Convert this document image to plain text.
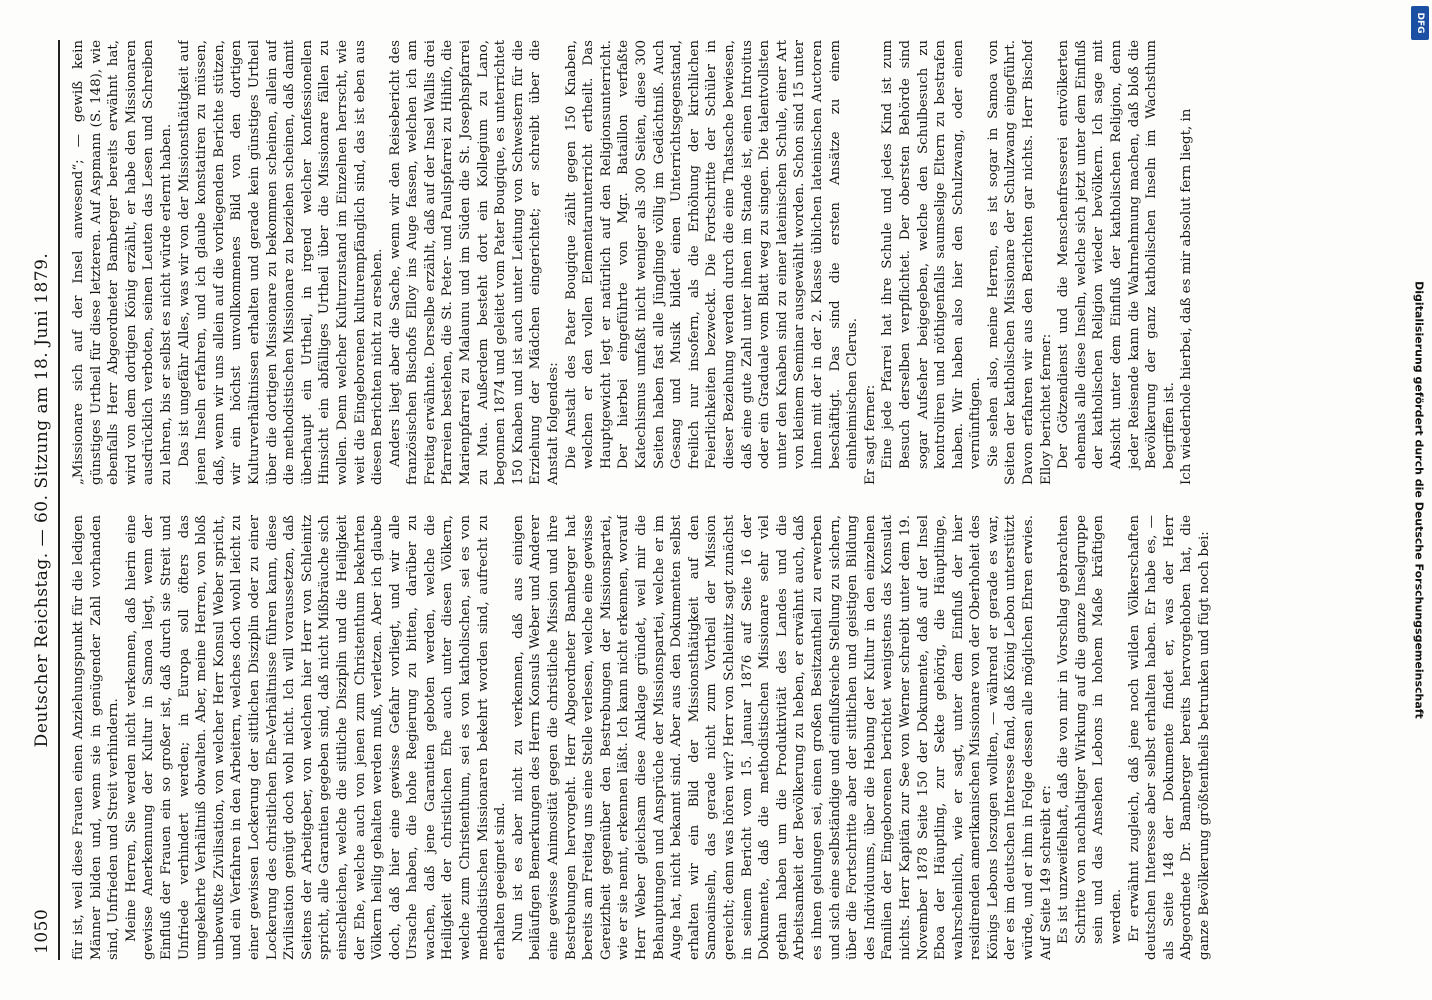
1050
Deutscher Reichstag. — 60. Sitzung am 18. Juni 1879. für ist, weil diese Frauen einen Anziehungspunkt für die ledigen Männer bilden und, wenn sie in genügender Zahl vorhanden sind, Unfrieden und Streit verhindern. Meine Herren, Sie werden nicht verkennen, daß hierin eine gewisse Anerkennung der Kultur in Samoa liegt, wenn der Einfluß der Frauen ein so großer ist, daß durch sie Streit und Unfriede verhindert werden; in Europa soll öfters das umgekehrte Verhältniß obwalten. Aber, meine Herren, von bloß unbewußte Zivilisation, von welcher Herr Konsul Weber spricht, und ein Verfahren in den Arbeitern, welches doch wohl leicht zu einer gewissen Lockerung der sittlichen Disziplin oder zu einer Lockerung des christlichen Ehe-Verhältnisse führen kann, diese Zivilisation genügt doch wohl nicht. Ich will voraussetzen, daß Seitens der Arbeitgeber, von welchen hier Herr von Schleinitz spricht, alle Garantien gegeben sind, daß nicht Mißbräuche sich einschleichen, welche die sittliche Disziplin und die Heiligkeit der Ehe, welche auch von jenen zum Christenthum bekehrten Völkern heilig gehalten werden muß, verletzen. Aber ich glaube doch, daß hier eine gewisse Gefahr vorliegt, und wir alle Ursache haben, die hohe Regierung zu bitten, darüber zu wachen, daß jene Garantien geboten werden, welche die Heiligkeit der christlichen Ehe auch unter diesen Völkern, welche zum Christenthum, sei es von katholischen, sei es von methodistischen Missionaren bekehrt worden sind, aufrecht zu erhalten geeignet sind. Nun ist es aber nicht zu verkennen, daß aus einigen beiläufigen Bemerkungen des Herrn Konsuls Weber und Anderer eine gewisse Animosität gegen die christliche Mission und ihre Bestrebungen hervorgeht. Herr Abgeordneter Bamberger hat bereits am Freitag uns eine Stelle verlesen, welche eine gewisse Gereiztheit gegenüber den Bestrebungen der Missionspartei, wie er sie nennt, erkennen läßt. Ich kann nicht erkennen, worauf Herr Weber gleichsam diese Anklage gründet, weil mir die Behauptungen und Ansprüche der Missionspartei, welche er im Auge hat, nicht bekannt sind. Aber aus den Dokumenten selbst erhalten wir ein Bild der Missionsthätigkeit auf den Samoainseln, das gerade nicht zum Vortheil der Mission gereicht; denn was hören wir? Herr von Schleinitz sagt zunächst in seinem Bericht vom 15. Januar 1876 auf Seite 16 der Dokumente, daß die methodistischen Missionare sehr viel gethan haben um die Produktivität des Landes und die Arbeitsamkeit der Bevölkerung zu heben, er erwähnt auch, daß es ihnen gelungen sei, einen großen Besitzantheil zu erwerben und sich eine selbständige und einflußreiche Stellung zu sichern, über die Fortschritte aber der sittlichen und geistigen Bildung des Individuums, über die Hebung der Kultur in den einzelnen Familien der Eingeborenen berichtet wenigstens das Konsulat nichts. Herr Kapitän zur See von Werner schreibt unter dem 19. November 1878 Seite 150 der Dokumente, daß auf der Insel Eboa der Häuptling, zur Sekte gehörig, die Häuptlinge, wahrscheinlich, wie er sagt, unter dem Einfluß der hier residirenden amerikanischen Missionare von der Oberhoheit des Königs Lebons loszugen wollten, — während er gerade es war, der es im deutschen Interesse fand, daß König Lebon unterstützt würde, und er ihm in Folge dessen alle möglichen Ehren erwies. Auf Seite 149 schreibt er: Es ist unzweifelhaft, daß die von mir in Vorschlag gebrachten Schritte von nachhaltiger Wirkung auf die ganze Inselgruppe sein und das Ansehen Lebons in hohem Maße kräftigen werden. Er erwähnt zugleich, daß jene noch wilden Völkerschaften deutschen Interesse aber selbst erhalten haben. Er habe es, — als Seite 148 der Dokumente findet er, was der Herr Abgeordnete Dr. Bamberger bereits hervorgehoben hat, die ganze Bevölkerung größtentheils betrunken und fügt noch bei:

„Missionare sich auf der Insel anwesend“; — gewiß kein günstiges Urtheil für diese letzteren. Auf Aspmann (S. 148), wie ebenfalls Herr Abgeordneter Bamberger bereits erwähnt hat, wird von dem dortigen König erzählt, er habe den Missionaren ausdrücklich verboten, seinen Leuten das Lesen und Schreiben zu lehren, bis er selbst es nicht würde erlernt haben. Das ist ungefähr Alles, was wir von der Missionsthätigkeit auf jenen Inseln erfahren, und ich glaube konstatiren zu müssen, daß, wenn wir uns allein auf die vorliegenden Berichte stützen, wir ein höchst unvollkommenes Bild von den dortigen Kulturverhältnissen erhalten und gerade kein günstiges Urtheil über die dortigen Missionare zu bekommen scheinen, allein auf die methodistischen Missionare zu beziehen scheinen, daß damit überhaupt ein Urtheil, in irgend welcher konfessionellen Hinsicht ein abfälliges Urtheil über die Missionare fällen zu wollen. Denn welcher Kulturzustand im Einzelnen herrscht, wie weit die Eingeborenen kulturempfänglich sind, das ist eben aus diesen Berichten nicht zu ersehen. Anders liegt aber die Sache, wenn wir den Reisebericht des französischen Bischofs Elloy ins Auge fassen, welchen ich am Freitag erwähnte. Derselbe erzählt, daß auf der Insel Wallis drei Pfarreien bestehen, die St. Peter- und Paulspfarrei zu Hihifo, die Marienpfarrei zu Malaunu und im Süden die St. Josephspfarrei zu Mua. Außerdem besteht dort ein Kollegium zu Lano, begonnen 1874 und geleitet vom Pater Bougique, es unterrichtet 150 Knaben und ist auch unter Leitung von Schwestern für die Erziehung der Mädchen eingerichtet; er schreibt über die Anstalt folgendes: Die Anstalt des Pater Bougique zählt gegen 150 Knaben, welchen er den vollen Elementarunterricht ertheilt. Das Hauptgewicht legt er natürlich auf den Religionsunterricht. Der hierbei eingeführte von Mgr. Bataillon verfaßte Katechismus umfaßt nicht weniger als 300 Seiten, diese 300 Seiten haben fast alle Jünglinge völlig im Gedächtniß. Auch Gesang und Musik bildet einen Unterrichtsgegenstand, freilich nur insofern, als die Erhöhung der kirchlichen Feierlichkeiten bezweckt. Die Fortschritte der Schüler in dieser Beziehung werden durch die eine Thatsache bewiesen, daß eine gute Zahl unter ihnen im Stande ist, einen Introitus oder ein Graduale vom Blatt weg zu singen. Die talentvollsten unter den Knaben sind zu einer lateinischen Schule, einer Art von kleinem Seminar ausgewählt worden. Schon sind 15 unter ihnen mit der in der 2. Klasse üblichen lateinischen Auctoren beschäftigt. Das sind die ersten Ansätze zu einem einheimischen Clerus. Er sagt ferner: Eine jede Pfarrei hat ihre Schule und jedes Kind ist zum Besuch derselben verpflichtet. Der obersten Behörde sind sogar Aufseher beigegeben, welche den Schulbesuch zu kontroliren und nöthigenfalls saumselige Eltern zu bestrafen haben. Wir haben also hier den Schulzwang, oder einen vernünftigen. Sie sehen also, meine Herren, es ist sogar in Samoa von Seiten der katholischen Missionare der Schulzwang eingeführt. Davon erfahren wir aus den Berichten gar nichts. Herr Bischof Elloy berichtet ferner: Der Götzendienst und die Menschenfresserei entvölkerten ehemals alle diese Inseln, welche sich jetzt unter dem Einfluß der katholischen Religion wieder bevölkern. Ich sage mit Absicht unter dem Einfluß der katholischen Religion, denn jeder Reisende kann die Wahrnehmung machen, daß bloß die Bevölkerung der ganz katholischen Inseln im Wachsthum begriffen ist. Ich wiederhole hierbei, daß es mir absolut fern liegt, in

DFG
Digitalisierung gefördert durch die Deutsche Forschungsgemeinschaft
